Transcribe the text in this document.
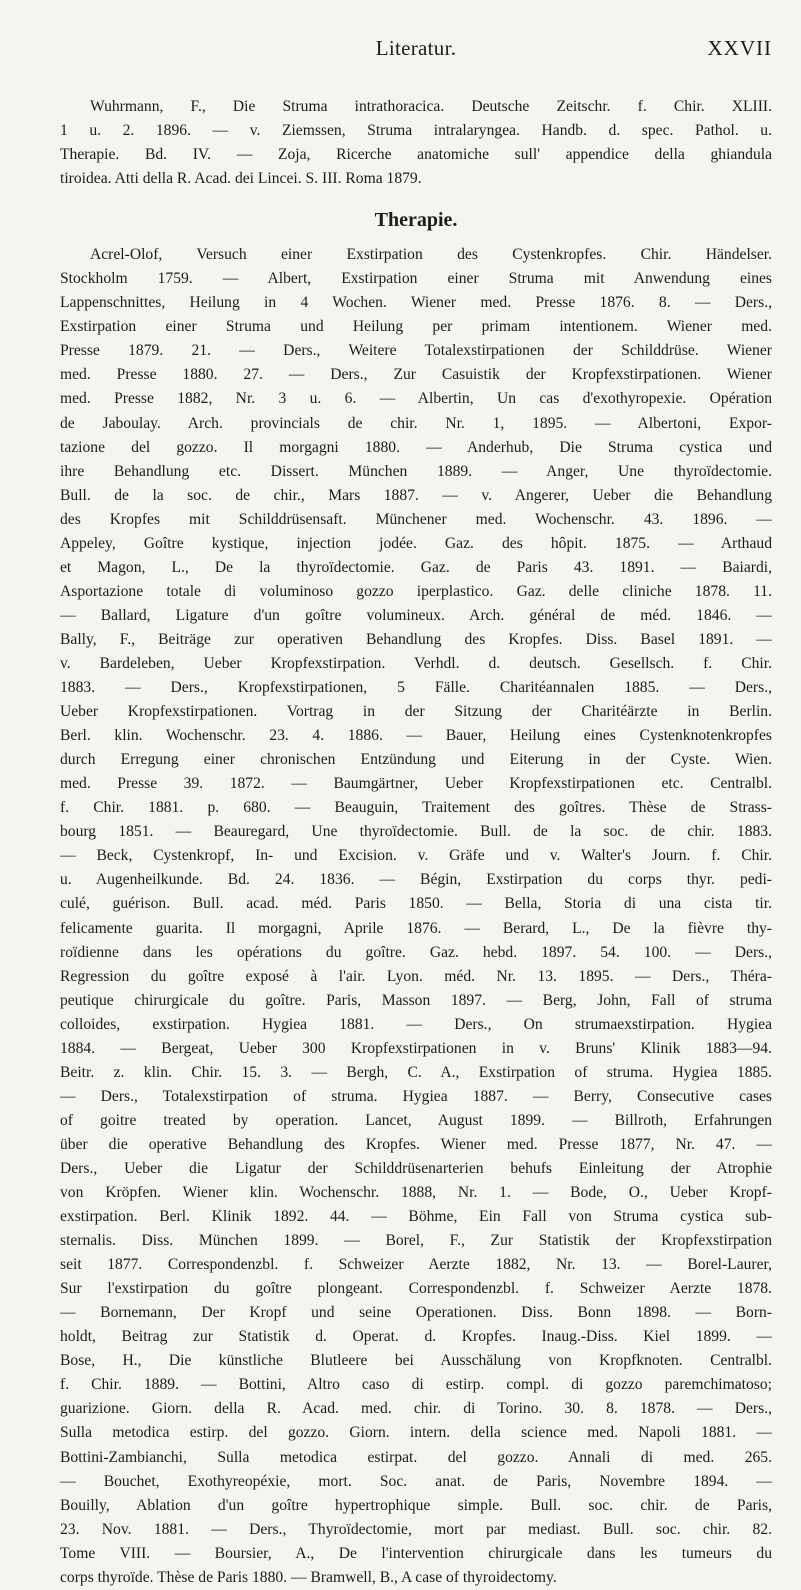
Literatur.	XXVII
Wuhrmann, F., Die Struma intrathoracica. Deutsche Zeitschr. f. Chir. XLIII.
1 u. 2. 1896. — v. Ziemssen, Struma intralaryngea. Handb. d. spec. Pathol. u.
Therapie. Bd. IV. — Zoja, Ricerche anatomiche sull' appendice della ghiandula
tiroidea. Atti della R. Acad. dei Lincei. S. III. Roma 1879.
Therapie.
Acrel-Olof, Versuch einer Exstirpation des Cystenkropfes. Chir. Händelser.
Stockholm 1759. — Albert, Exstirpation einer Struma mit Anwendung eines
Lappenschnittes, Heilung in 4 Wochen. Wiener med. Presse 1876. 8. — Ders.,
Exstirpation einer Struma und Heilung per primam intentionem. Wiener med.
Presse 1879. 21. — Ders., Weitere Totalexstirpationen der Schilddrüse. Wiener
med. Presse 1880. 27. — Ders., Zur Casuistik der Kropfexstirpationen. Wiener
med. Presse 1882, Nr. 3 u. 6. — Albertin, Un cas d'exothyropexie. Opération
de Jaboulay. Arch. provincials de chir. Nr. 1, 1895. — Albertoni, Expor-
tazione del gozzo. Il morgagni 1880. — Anderhub, Die Struma cystica und
ihre Behandlung etc. Dissert. München 1889. — Anger, Une thyroïdectomie.
Bull. de la soc. de chir., Mars 1887. — v. Angerer, Ueber die Behandlung
des Kropfes mit Schilddrüsensaft. Münchener med. Wochenschr. 43. 1896. —
Appeley, Goître kystique, injection jodée. Gaz. des hôpit. 1875. — Arthaud
et Magon, L., De la thyroïdectomie. Gaz. de Paris 43. 1891. — Baiardi,
Asportazione totale di voluminoso gozzo iperplastico. Gaz. delle cliniche 1878. 11.
— Ballard, Ligature d'un goître volumineux. Arch. général de méd. 1846. —
Bally, F., Beiträge zur operativen Behandlung des Kropfes. Diss. Basel 1891. —
v. Bardeleben, Ueber Kropfexstirpation. Verhdl. d. deutsch. Gesellsch. f. Chir.
1883. — Ders., Kropfexstirpationen, 5 Fälle. Charitéannalen 1885. — Ders.,
Ueber Kropfexstirpationen. Vortrag in der Sitzung der Charitéärzte in Berlin.
Berl. klin. Wochenschr. 23. 4. 1886. — Bauer, Heilung eines Cystenknotenkropfes
durch Erregung einer chronischen Entzündung und Eiterung in der Cyste. Wien.
med. Presse 39. 1872. — Baumgärtner, Ueber Kropfexstirpationen etc. Centralbl.
f. Chir. 1881. p. 680. — Beauguin, Traitement des goîtres. Thèse de Strass-
bourg 1851. — Beauregard, Une thyroïdectomie. Bull. de la soc. de chir. 1883.
— Beck, Cystenkropf, In- und Excision. v. Gräfe und v. Walter's Journ. f. Chir.
u. Augenheilkunde. Bd. 24. 1836. — Bégin, Exstirpation du corps thyr. pedi-
culé, guérison. Bull. acad. méd. Paris 1850. — Bella, Storia di una cista tir.
felicamente guarita. Il morgagni, Aprile 1876. — Berard, L., De la fièvre thy-
roïdienne dans les opérations du goître. Gaz. hebd. 1897. 54. 100. — Ders.,
Regression du goître exposé à l'air. Lyon. méd. Nr. 13. 1895. — Ders., Théra-
peutique chirurgicale du goître. Paris, Masson 1897. — Berg, John, Fall of struma
colloides, exstirpation. Hygiea 1881. — Ders., On strumaexstirpation. Hygiea
1884. — Bergeat, Ueber 300 Kropfexstirpationen in v. Bruns' Klinik 1883—94.
Beitr. z. klin. Chir. 15. 3. — Bergh, C. A., Exstirpation of struma. Hygiea 1885.
— Ders., Totalexstirpation of struma. Hygiea 1887. — Berry, Consecutive cases
of goitre treated by operation. Lancet, August 1899. — Billroth, Erfahrungen
über die operative Behandlung des Kropfes. Wiener med. Presse 1877, Nr. 47. —
Ders., Ueber die Ligatur der Schilddrüsenarterien behufs Einleitung der Atrophie
von Kröpfen. Wiener klin. Wochenschr. 1888, Nr. 1. — Bode, O., Ueber Kropf-
exstirpation. Berl. Klinik 1892. 44. — Böhme, Ein Fall von Struma cystica sub-
sternalis. Diss. München 1899. — Borel, F., Zur Statistik der Kropfexstirpation
seit 1877. Correspondenzbl. f. Schweizer Aerzte 1882, Nr. 13. — Borel-Laurer,
Sur l'exstirpation du goître plongeant. Correspondenzbl. f. Schweizer Aerzte 1878.
— Bornemann, Der Kropf und seine Operationen. Diss. Bonn 1898. — Born-
holdt, Beitrag zur Statistik d. Operat. d. Kropfes. Inaug.-Diss. Kiel 1899. —
Bose, H., Die künstliche Blutleere bei Ausschälung von Kropfknoten. Centralbl.
f. Chir. 1889. — Bottini, Altro caso di estirp. compl. di gozzo paremchimatoso;
guarizione. Giorn. della R. Acad. med. chir. di Torino. 30. 8. 1878. — Ders.,
Sulla metodica estirp. del gozzo. Giorn. intern. della science med. Napoli 1881. —
Bottini-Zambianchi, Sulla metodica estirpat. del gozzo. Annali di med. 265.
— Bouchet, Exothyreopéxie, mort. Soc. anat. de Paris, Novembre 1894. —
Bouilly, Ablation d'un goître hypertrophique simple. Bull. soc. chir. de Paris,
23. Nov. 1881. — Ders., Thyroïdectomie, mort par mediast. Bull. soc. chir. 82.
Tome VIII. — Boursier, A., De l'intervention chirurgicale dans les tumeurs du
corps thyroïde. Thèse de Paris 1880. — Bramwell, B., A case of thyroidectomy.
